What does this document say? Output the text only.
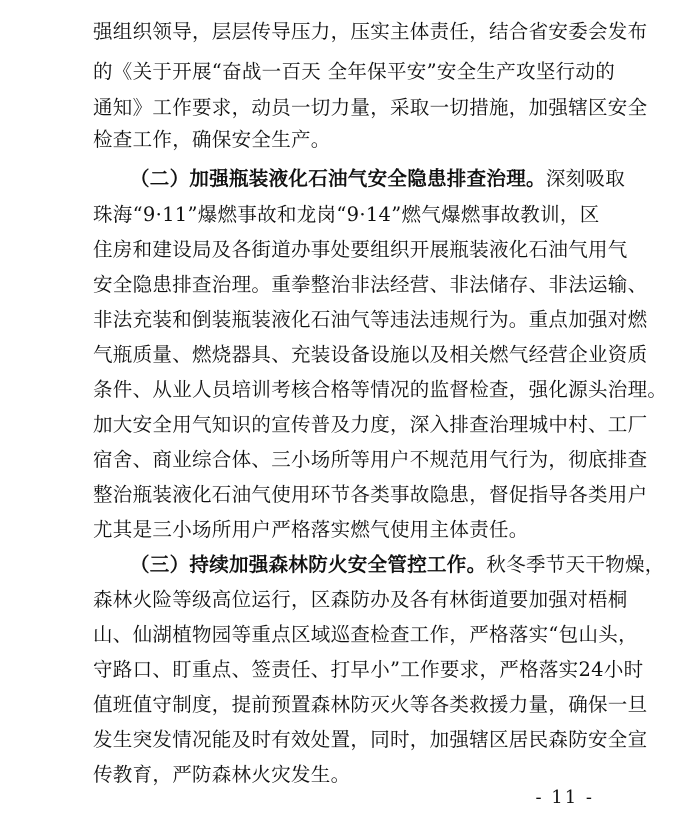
强组织领导，层层传导压力，压实主体责任，结合省安委会发布
的《关于开展“奋战一百天 全年保平安”安全生产攻坚行动的
通知》工作要求，动员一切力量，采取一切措施，加强辖区安全
检查工作，确保安全生产。
（二）加强瓶装液化石油气安全隐患排查治理。深刻吸取
珠海“9·11”爆燃事故和龙岗“9·14”燃气爆燃事故教训，区
住房和建设局及各街道办事处要组织开展瓶装液化石油气用气
安全隐患排查治理。重拳整治非法经营、非法储存、非法运输、
非法充装和倒装瓶装液化石油气等违法违规行为。重点加强对燃
气瓶质量、燃烧器具、充装设备设施以及相关燃气经营企业资质
条件、从业人员培训考核合格等情况的监督检查，强化源头治理。
加大安全用气知识的宣传普及力度，深入排查治理城中村、工厂
宿舍、商业综合体、三小场所等用户不规范用气行为，彻底排查
整治瓶装液化石油气使用环节各类事故隐患，督促指导各类用户
尤其是三小场所用户严格落实燃气使用主体责任。
（三）持续加强森林防火安全管控工作。秋冬季节天干物燥，
森林火险等级高位运行，区森防办及各有林街道要加强对梧桐
山、仙湖植物园等重点区域巡查检查工作，严格落实“包山头，
守路口、盯重点、签责任、打早小”工作要求，严格落实24小时
值班值守制度，提前预置森林防灭火等各类救援力量，确保一旦
发生突发情况能及时有效处置，同时，加强辖区居民森防安全宣
传教育，严防森林火灾发生。
- 11 -
